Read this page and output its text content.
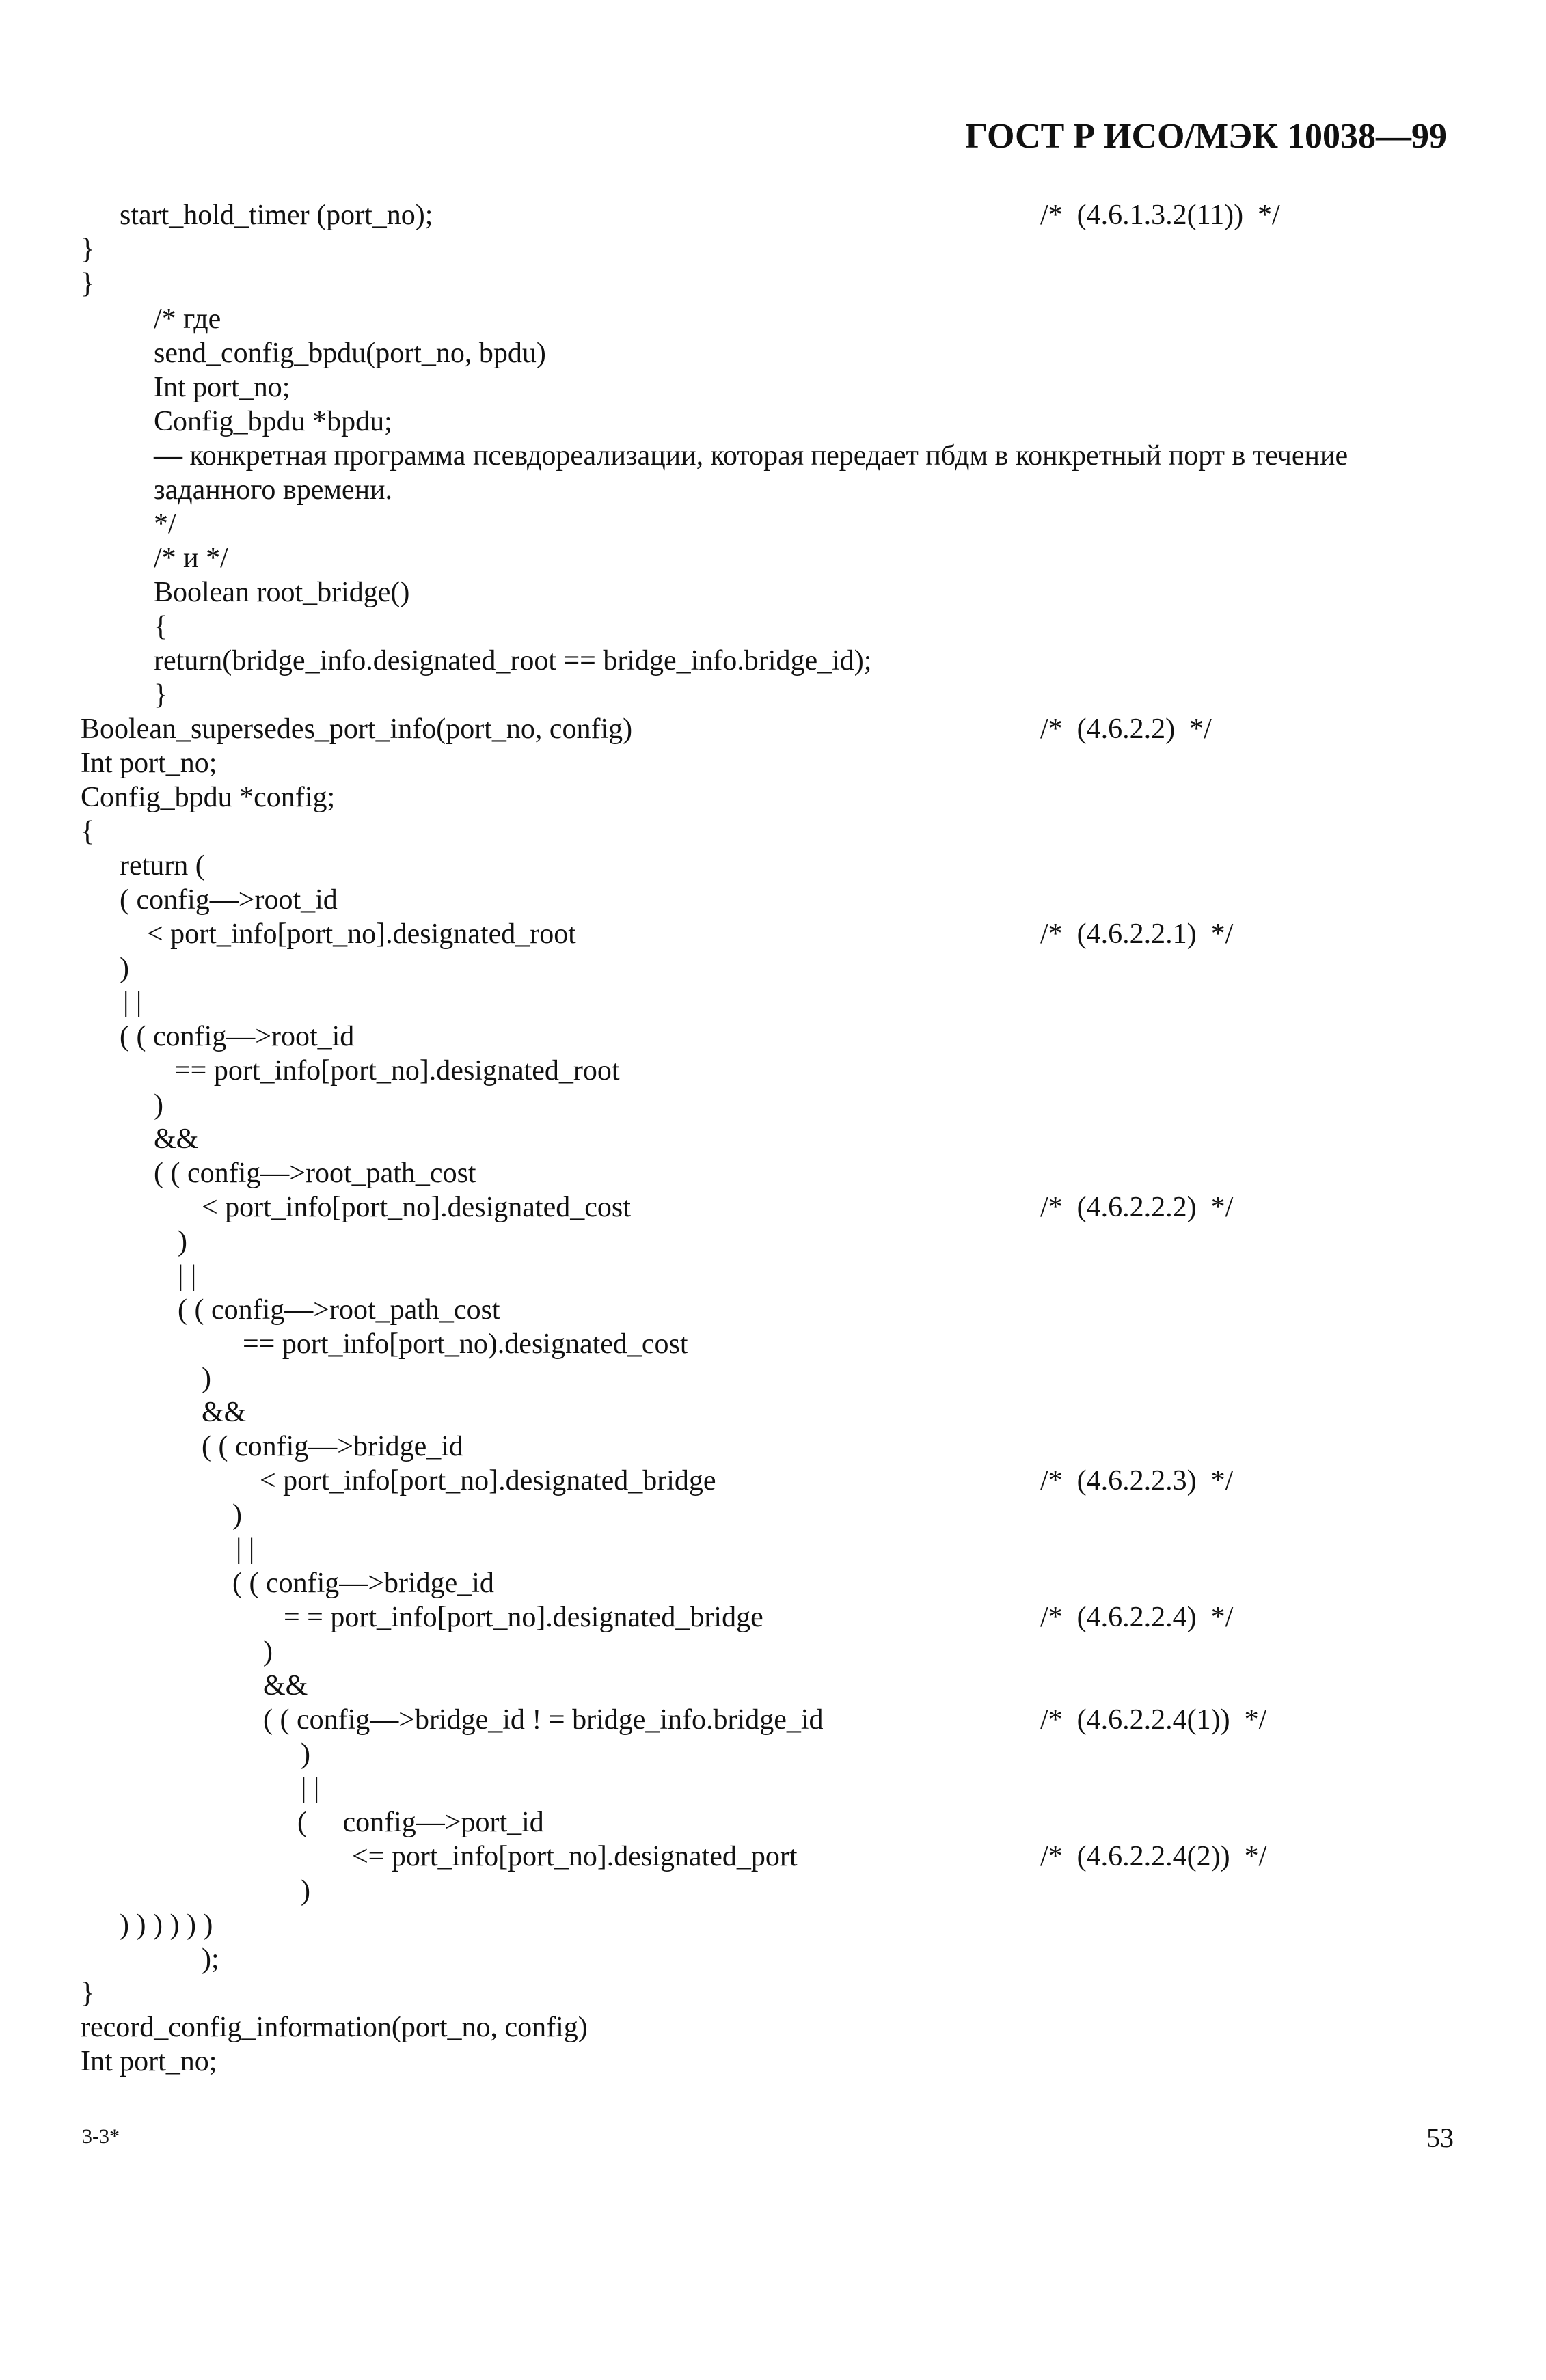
ГОСТ Р ИСО/МЭК 10038—99
start_hold_timer (port_no);
}
}
/* где
send_config_bpdu(port_no, bpdu)
Int port_no;
Config_bpdu *bpdu;
— конкретная программа псевдореализации, которая передает пбдм в конкретный порт в течение
заданного времени.
*/
/* и */
Boolean root_bridge()
{
return(bridge_info.designated_root == bridge_info.bridge_id);
}
Boolean_supersedes_port_info(port_no, config)
Int port_no;
Config_bpdu *config;
{
return (
( config—>root_id
< port_info[port_no].designated_root
)
| |
( ( config—>root_id
== port_info[port_no].designated_root
)
&&
( ( config—>root_path_cost
< port_info[port_no].designated_cost
)
| |
( ( config—>root_path_cost
== port_info[port_no).designated_cost
)
&&
( ( config—>bridge_id
< port_info[port_no].designated_bridge
)
| |
( ( config—>bridge_id
= = port_info[port_no].designated_bridge
)
&&
( ( config—>bridge_id ! = bridge_info.bridge_id
)
| |
(     config—>port_id
<= port_info[port_no].designated_port
)
) ) ) ) ) )
);
}
record_config_information(port_no, config)
Int port_no;
/*  (4.6.1.3.2(11))  */
/*  (4.6.2.2)  */
/*  (4.6.2.2.1)  */
/*  (4.6.2.2.2)  */
/*  (4.6.2.2.3)  */
/*  (4.6.2.2.4)  */
/*  (4.6.2.2.4(1))  */
/*  (4.6.2.2.4(2))  */
3-3*	53
